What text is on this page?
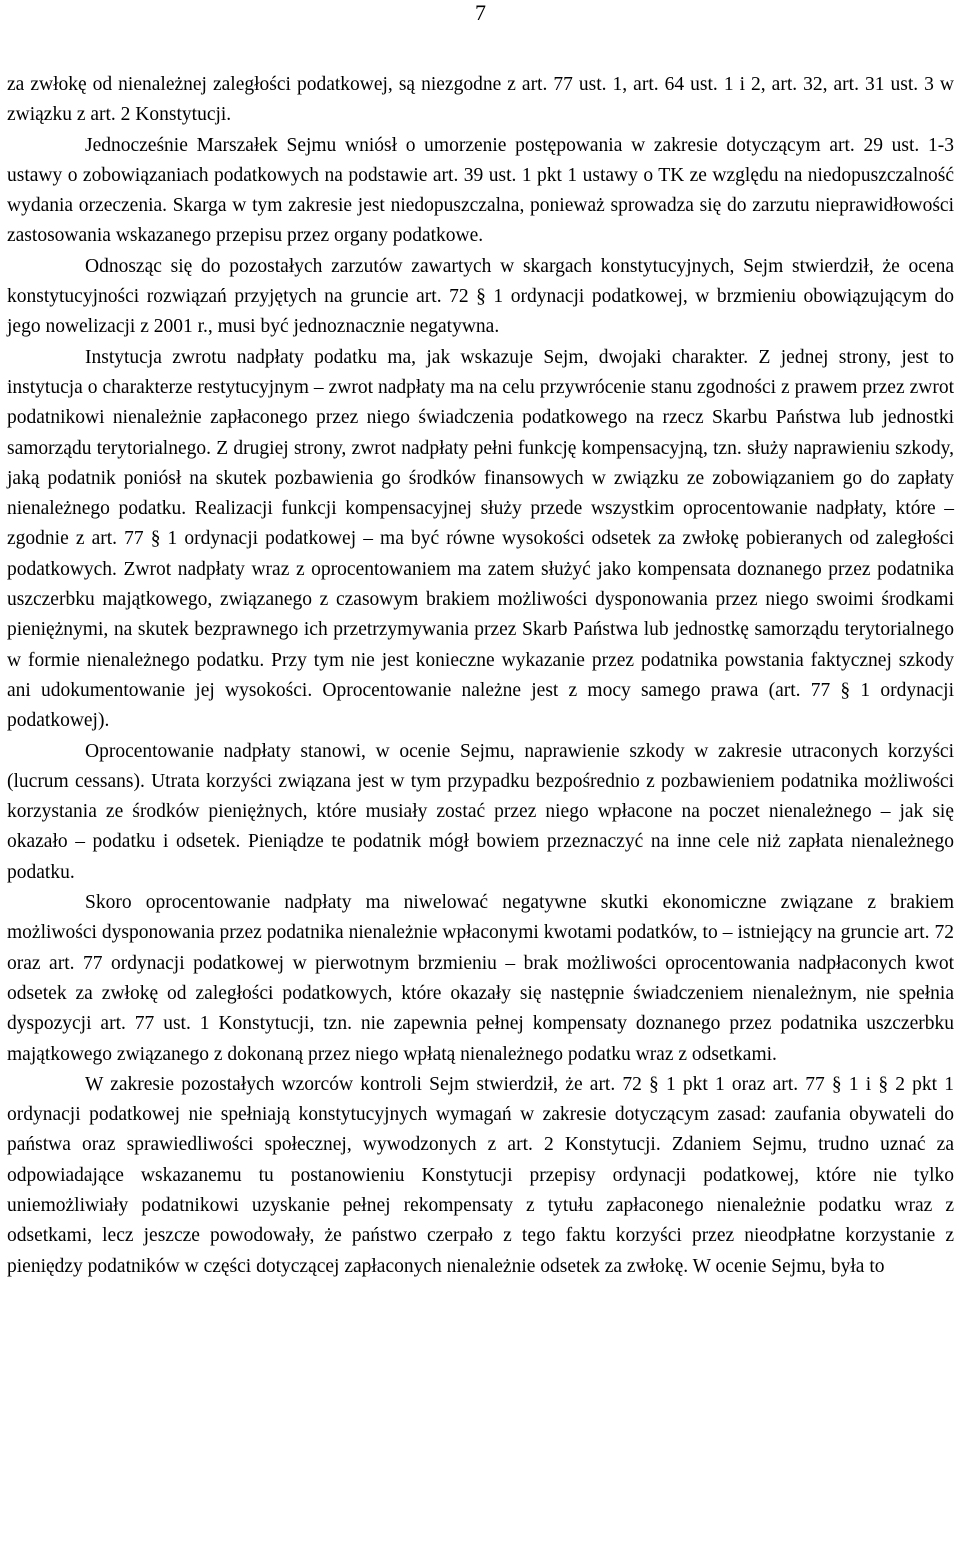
7

za zwłokę od nienależnej zaległości podatkowej, są niezgodne z art. 77 ust. 1, art. 64 ust. 1 i 2, art. 32, art. 31 ust. 3 w związku z art. 2 Konstytucji.

Jednocześnie Marszałek Sejmu wniósł o umorzenie postępowania w zakresie dotyczącym art. 29 ust. 1-3 ustawy o zobowiązaniach podatkowych na podstawie art. 39 ust. 1 pkt 1 ustawy o TK ze względu na niedopuszczalność wydania orzeczenia. Skarga w tym zakresie jest niedopuszczalna, ponieważ sprowadza się do zarzutu nieprawidłowości zastosowania wskazanego przepisu przez organy podatkowe.

Odnosząc się do pozostałych zarzutów zawartych w skargach konstytucyjnych, Sejm stwierdził, że ocena konstytucyjności rozwiązań przyjętych na gruncie art. 72 § 1 ordynacji podatkowej, w brzmieniu obowiązującym do jego nowelizacji z 2001 r., musi być jednoznacznie negatywna.

Instytucja zwrotu nadpłaty podatku ma, jak wskazuje Sejm, dwojaki charakter. Z jednej strony, jest to instytucja o charakterze restytucyjnym – zwrot nadpłaty ma na celu przywrócenie stanu zgodności z prawem przez zwrot podatnikowi nienależnie zapłaconego przez niego świadczenia podatkowego na rzecz Skarbu Państwa lub jednostki samorządu terytorialnego. Z drugiej strony, zwrot nadpłaty pełni funkcję kompensacyjną, tzn. służy naprawieniu szkody, jaką podatnik poniósł na skutek pozbawienia go środków finansowych w związku ze zobowiązaniem go do zapłaty nienależnego podatku. Realizacji funkcji kompensacyjnej służy przede wszystkim oprocentowanie nadpłaty, które – zgodnie z art. 77 § 1 ordynacji podatkowej – ma być równe wysokości odsetek za zwłokę pobieranych od zaległości podatkowych. Zwrot nadpłaty wraz z oprocentowaniem ma zatem służyć jako kompensata doznanego przez podatnika uszczerbku majątkowego, związanego z czasowym brakiem możliwości dysponowania przez niego swoimi środkami pieniężnymi, na skutek bezprawnego ich przetrzymywania przez Skarb Państwa lub jednostkę samorządu terytorialnego w formie nienależnego podatku. Przy tym nie jest konieczne wykazanie przez podatnika powstania faktycznej szkody ani udokumentowanie jej wysokości. Oprocentowanie należne jest z mocy samego prawa (art. 77 § 1 ordynacji podatkowej).

Oprocentowanie nadpłaty stanowi, w ocenie Sejmu, naprawienie szkody w zakresie utraconych korzyści (lucrum cessans). Utrata korzyści związana jest w tym przypadku bezpośrednio z pozbawieniem podatnika możliwości korzystania ze środków pieniężnych, które musiały zostać przez niego wpłacone na poczet nienależnego – jak się okazało – podatku i odsetek. Pieniądze te podatnik mógł bowiem przeznaczyć na inne cele niż zapłata nienależnego podatku.

Skoro oprocentowanie nadpłaty ma niwelować negatywne skutki ekonomiczne związane z brakiem możliwości dysponowania przez podatnika nienależnie wpłaconymi kwotami podatków, to – istniejący na gruncie art. 72 oraz art. 77 ordynacji podatkowej w pierwotnym brzmieniu – brak możliwości oprocentowania nadpłaconych kwot odsetek za zwłokę od zaległości podatkowych, które okazały się następnie świadczeniem nienależnym, nie spełnia dyspozycji art. 77 ust. 1 Konstytucji, tzn. nie zapewnia pełnej kompensaty doznanego przez podatnika uszczerbku majątkowego związanego z dokonaną przez niego wpłatą nienależnego podatku wraz z odsetkami.

W zakresie pozostałych wzorców kontroli Sejm stwierdził, że art. 72 § 1 pkt 1 oraz art. 77 § 1 i § 2 pkt 1 ordynacji podatkowej nie spełniają konstytucyjnych wymagań w zakresie dotyczącym zasad: zaufania obywateli do państwa oraz sprawiedliwości społecznej, wywodzonych z art. 2 Konstytucji. Zdaniem Sejmu, trudno uznać za odpowiadające wskazanemu tu postanowieniu Konstytucji przepisy ordynacji podatkowej, które nie tylko uniemożliwiały podatnikowi uzyskanie pełnej rekompensaty z tytułu zapłaconego nienależnie podatku wraz z odsetkami, lecz jeszcze powodowały, że państwo czerpało z tego faktu korzyści przez nieodpłatne korzystanie z pieniędzy podatników w części dotyczącej zapłaconych nienależnie odsetek za zwłokę. W ocenie Sejmu, była to
